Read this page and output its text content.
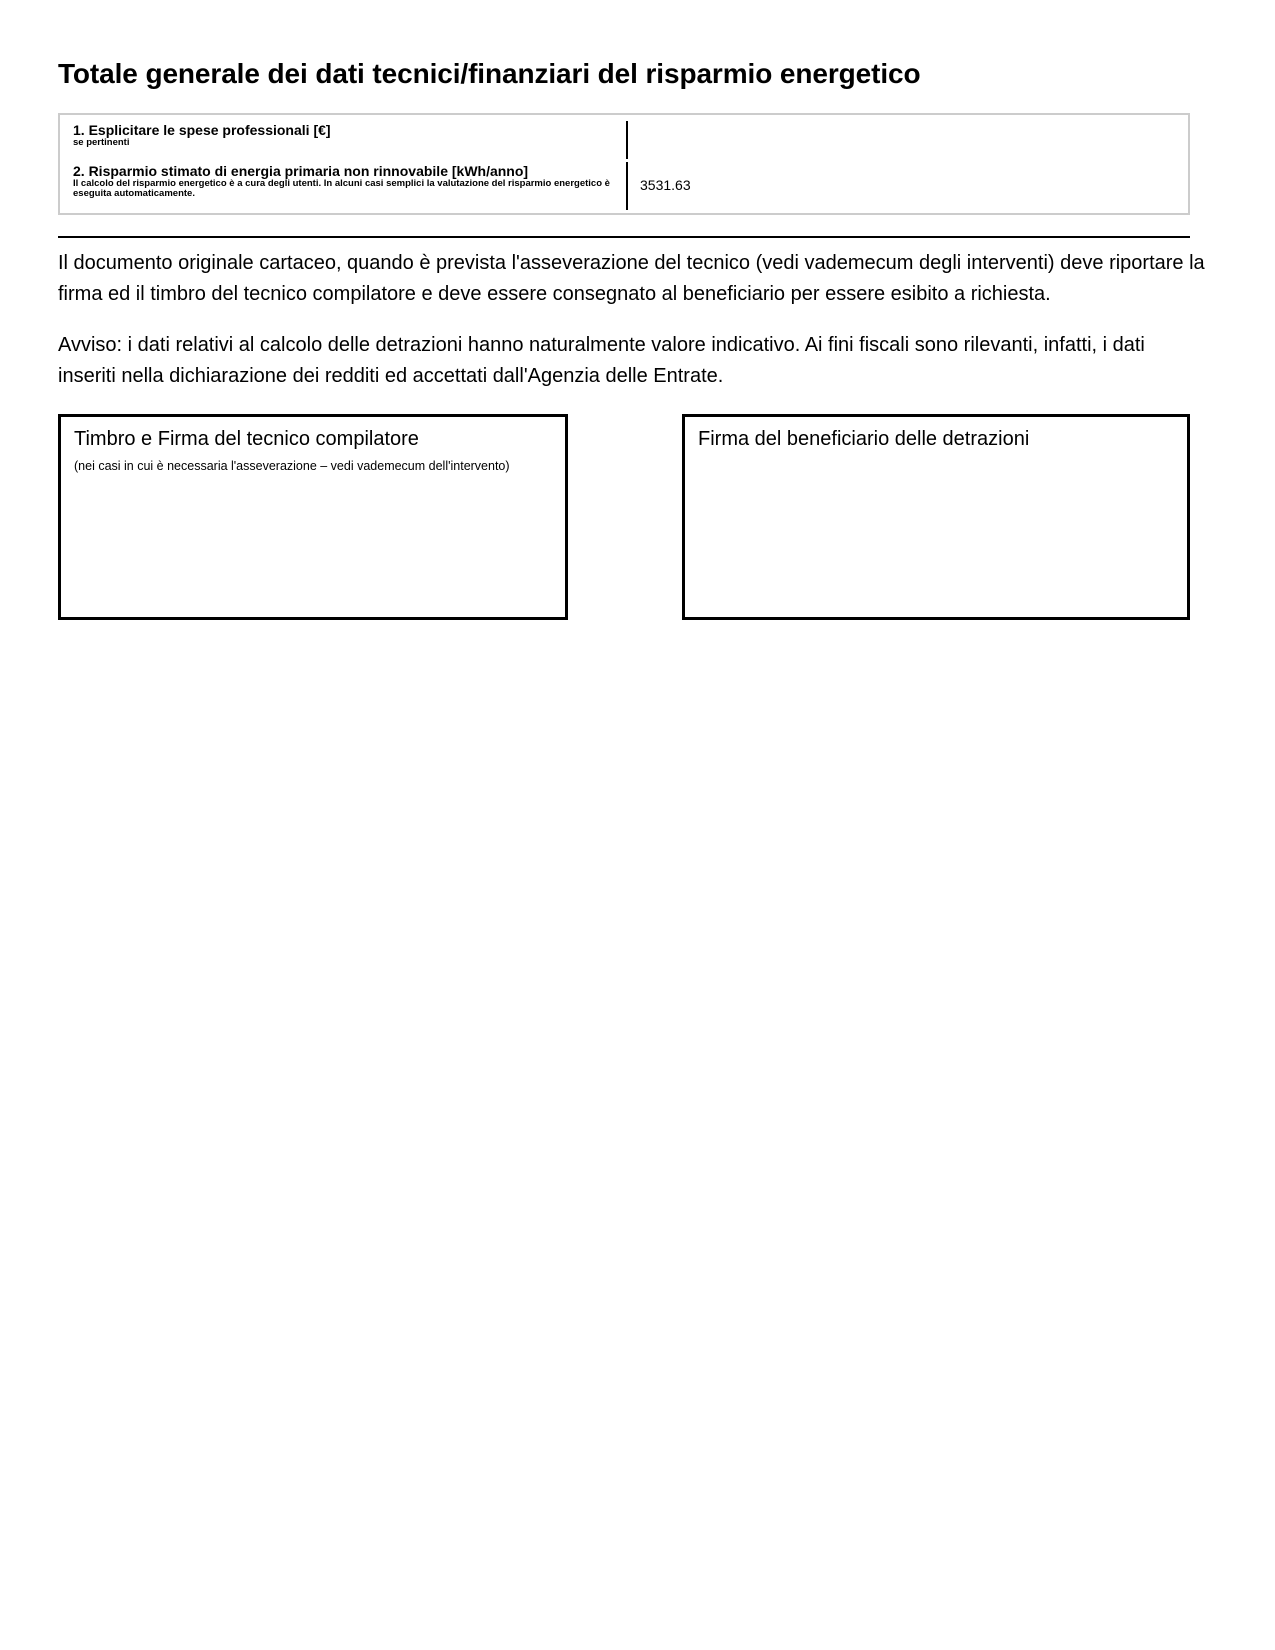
Totale generale dei dati tecnici/finanziari del risparmio energetico
1. Esplicitare le spese professionali [€]
se pertinenti
2. Risparmio stimato di energia primaria non rinnovabile [kWh/anno]
Il calcolo del risparmio energetico è a cura degli utenti. In alcuni casi semplici la valutazione del risparmio energetico è eseguita automaticamente.
3531.63

Il documento originale cartaceo, quando è prevista l'asseverazione del tecnico (vedi vademecum degli interventi) deve riportare la firma ed il timbro del tecnico compilatore e deve essere consegnato al beneficiario per essere esibito a richiesta.

Avviso: i dati relativi al calcolo delle detrazioni hanno naturalmente valore indicativo. Ai fini fiscali sono rilevanti, infatti, i dati inseriti nella dichiarazione dei redditi ed accettati dall'Agenzia delle Entrate.

Timbro e Firma del tecnico compilatore
(nei casi in cui è necessaria l'asseverazione – vedi vademecum dell'intervento)
Firma del beneficiario delle detrazioni
